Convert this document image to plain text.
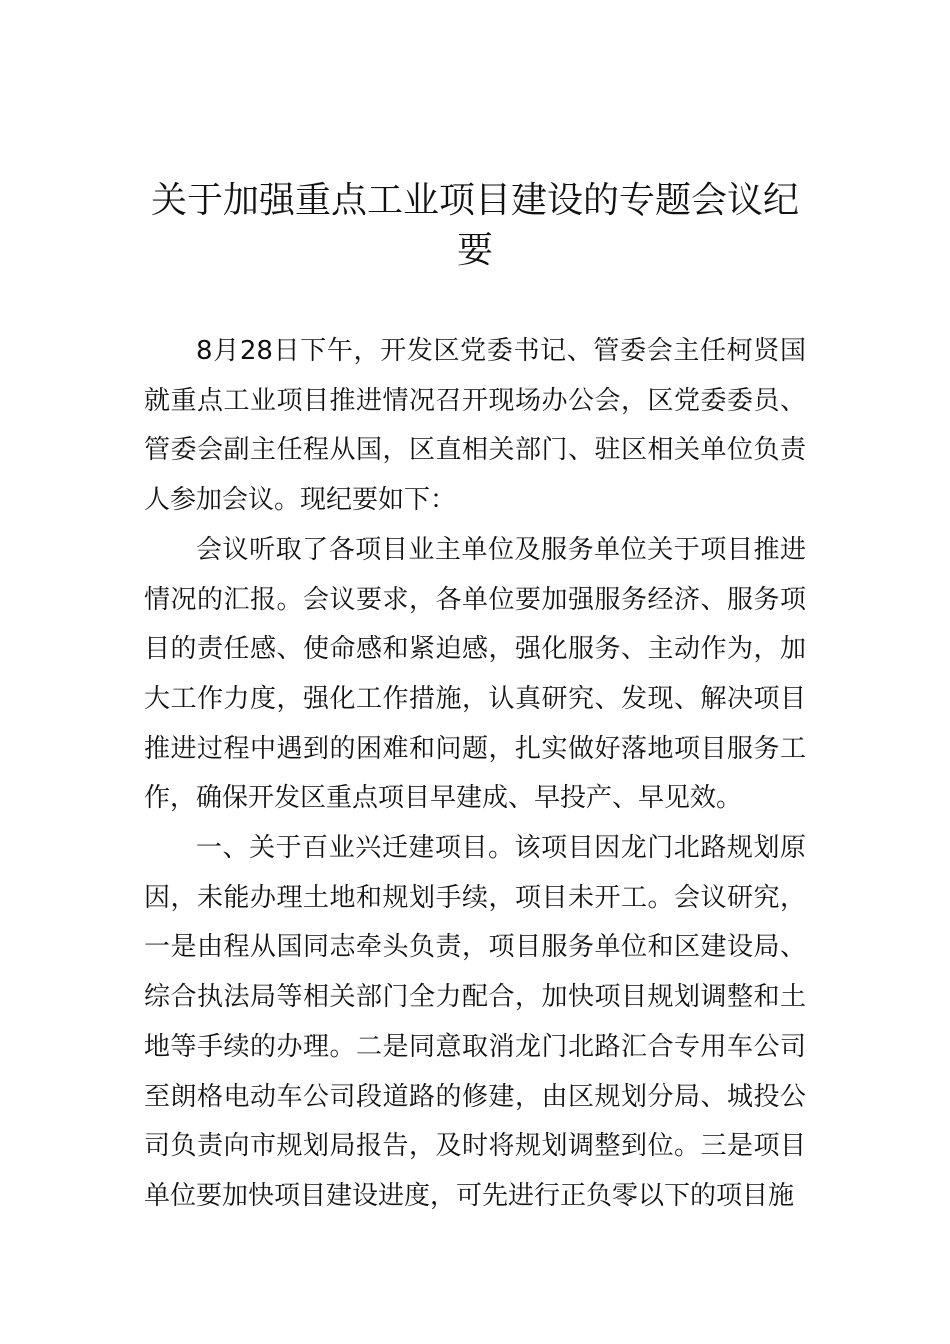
关于加强重点工业项目建设的专题会议纪要

8月28日下午，开发区党委书记、管委会主任柯贤国就重点工业项目推进情况召开现场办公会，区党委委员、管委会副主任程从国，区直相关部门、驻区相关单位负责人参加会议。现纪要如下：

会议听取了各项目业主单位及服务单位关于项目推进情况的汇报。会议要求，各单位要加强服务经济、服务项目的责任感、使命感和紧迫感，强化服务、主动作为，加大工作力度，强化工作措施，认真研究、发现、解决项目推进过程中遇到的困难和问题，扎实做好落地项目服务工作，确保开发区重点项目早建成、早投产、早见效。

一、关于百业兴迁建项目。该项目因龙门北路规划原因，未能办理土地和规划手续，项目未开工。会议研究，一是由程从国同志牵头负责，项目服务单位和区建设局、综合执法局等相关部门全力配合，加快项目规划调整和土地等手续的办理。二是同意取消龙门北路汇合专用车公司至朗格电动车公司段道路的修建，由区规划分局、城投公司负责向市规划局报告，及时将规划调整到位。三是项目单位要加快项目建设进度，可先进行正负零以下的项目施
